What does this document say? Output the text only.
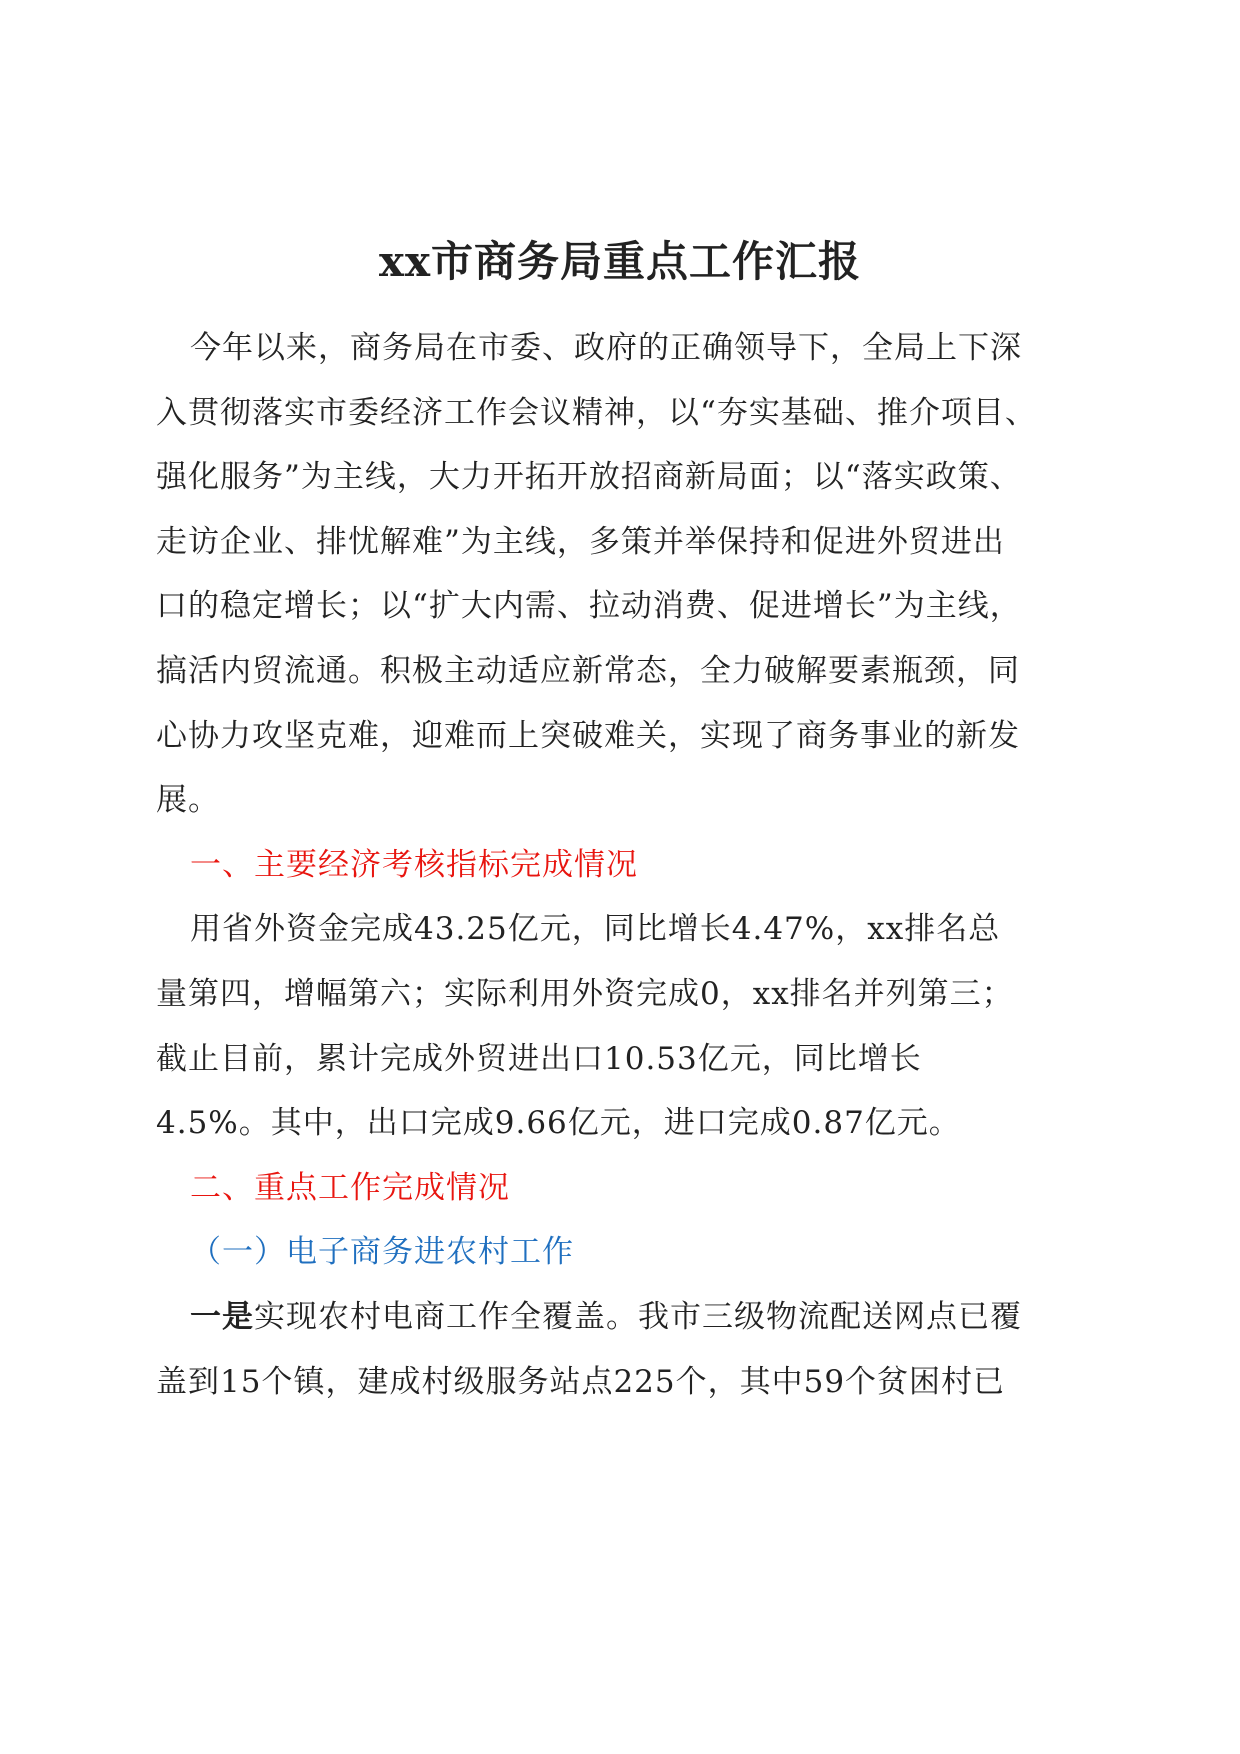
xx市商务局重点工作汇报
今年以来，商务局在市委、政府的正确领导下，全局上下深
入贯彻落实市委经济工作会议精神，以“夯实基础、推介项目、
强化服务”为主线，大力开拓开放招商新局面；以“落实政策、
走访企业、排忧解难”为主线，多策并举保持和促进外贸进出
口的稳定增长；以“扩大内需、拉动消费、促进增长”为主线，
搞活内贸流通。积极主动适应新常态，全力破解要素瓶颈，同
心协力攻坚克难，迎难而上突破难关，实现了商务事业的新发
展。
一、主要经济考核指标完成情况
用省外资金完成43.25亿元，同比增长4.47%，xx排名总
量第四，增幅第六；实际利用外资完成0，xx排名并列第三；
截止目前，累计完成外贸进出口10.53亿元，同比增长
4.5%。其中，出口完成9.66亿元，进口完成0.87亿元。
二、重点工作完成情况
（一）电子商务进农村工作
一是实现农村电商工作全覆盖。我市三级物流配送网点已覆
盖到15个镇，建成村级服务站点225个，其中59个贫困村已
